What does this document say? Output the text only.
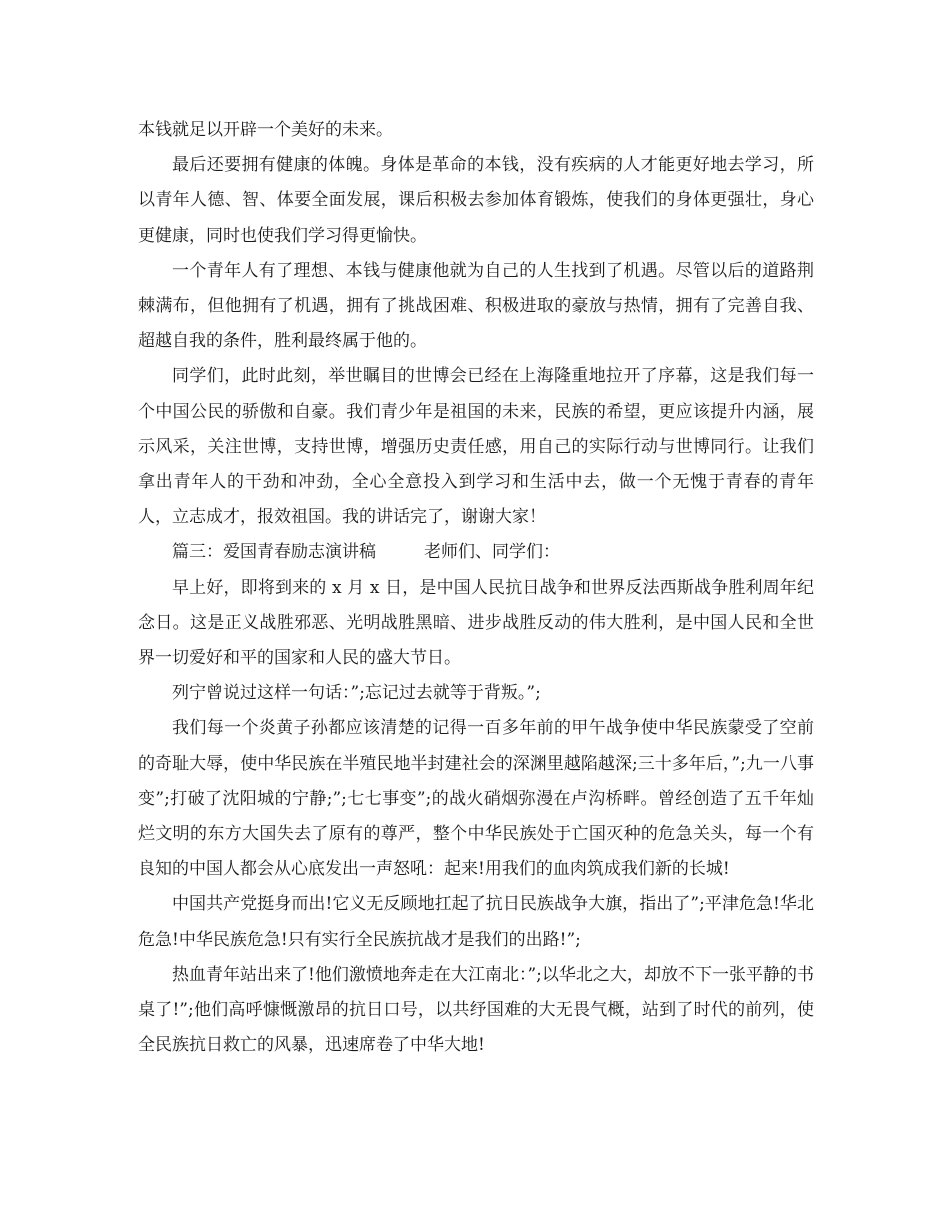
本钱就足以开辟一个美好的未来。

最后还要拥有健康的体魄。身体是革命的本钱，没有疾病的人才能更好地去学习，所以青年人德、智、体要全面发展，课后积极去参加体育锻炼，使我们的身体更强壮，身心更健康，同时也使我们学习得更愉快。

一个青年人有了理想、本钱与健康他就为自己的人生找到了机遇。尽管以后的道路荆棘满布，但他拥有了机遇，拥有了挑战困难、积极进取的豪放与热情，拥有了完善自我、超越自我的条件，胜利最终属于他的。

同学们，此时此刻，举世瞩目的世博会已经在上海隆重地拉开了序幕，这是我们每一个中国公民的骄傲和自豪。我们青少年是祖国的未来，民族的希望，更应该提升内涵，展示风采，关注世博，支持世博，增强历史责任感，用自己的实际行动与世博同行。让我们拿出青年人的干劲和冲劲，全心全意投入到学习和生活中去，做一个无愧于青春的青年人，立志成才，报效祖国。我的讲话完了，谢谢大家！

篇三：爱国青春励志演讲稿	老师们、同学们：

早上好，即将到来的 x 月 x 日，是中国人民抗日战争和世界反法西斯战争胜利周年纪念日。这是正义战胜邪恶、光明战胜黑暗、进步战胜反动的伟大胜利，是中国人民和全世界一切爱好和平的国家和人民的盛大节日。

列宁曾说过这样一句话：”;忘记过去就等于背叛。”;

我们每一个炎黄子孙都应该清楚的记得一百多年前的甲午战争使中华民族蒙受了空前的奇耻大辱，使中华民族在半殖民地半封建社会的深渊里越陷越深;三十多年后，”;九一八事变”;打破了沈阳城的宁静;”;七七事变”;的战火硝烟弥漫在卢沟桥畔。曾经创造了五千年灿烂文明的东方大国失去了原有的尊严，整个中华民族处于亡国灭种的危急关头，每一个有良知的中国人都会从心底发出一声怒吼：起来!用我们的血肉筑成我们新的长城!

中国共产党挺身而出!它义无反顾地扛起了抗日民族战争大旗，指出了”;平津危急!华北危急!中华民族危急!只有实行全民族抗战才是我们的出路!”;

热血青年站出来了!他们激愤地奔走在大江南北：”;以华北之大，却放不下一张平静的书桌了!”;他们高呼慷慨激昂的抗日口号，以共纾国难的大无畏气概，站到了时代的前列，使全民族抗日救亡的风暴，迅速席卷了中华大地!
